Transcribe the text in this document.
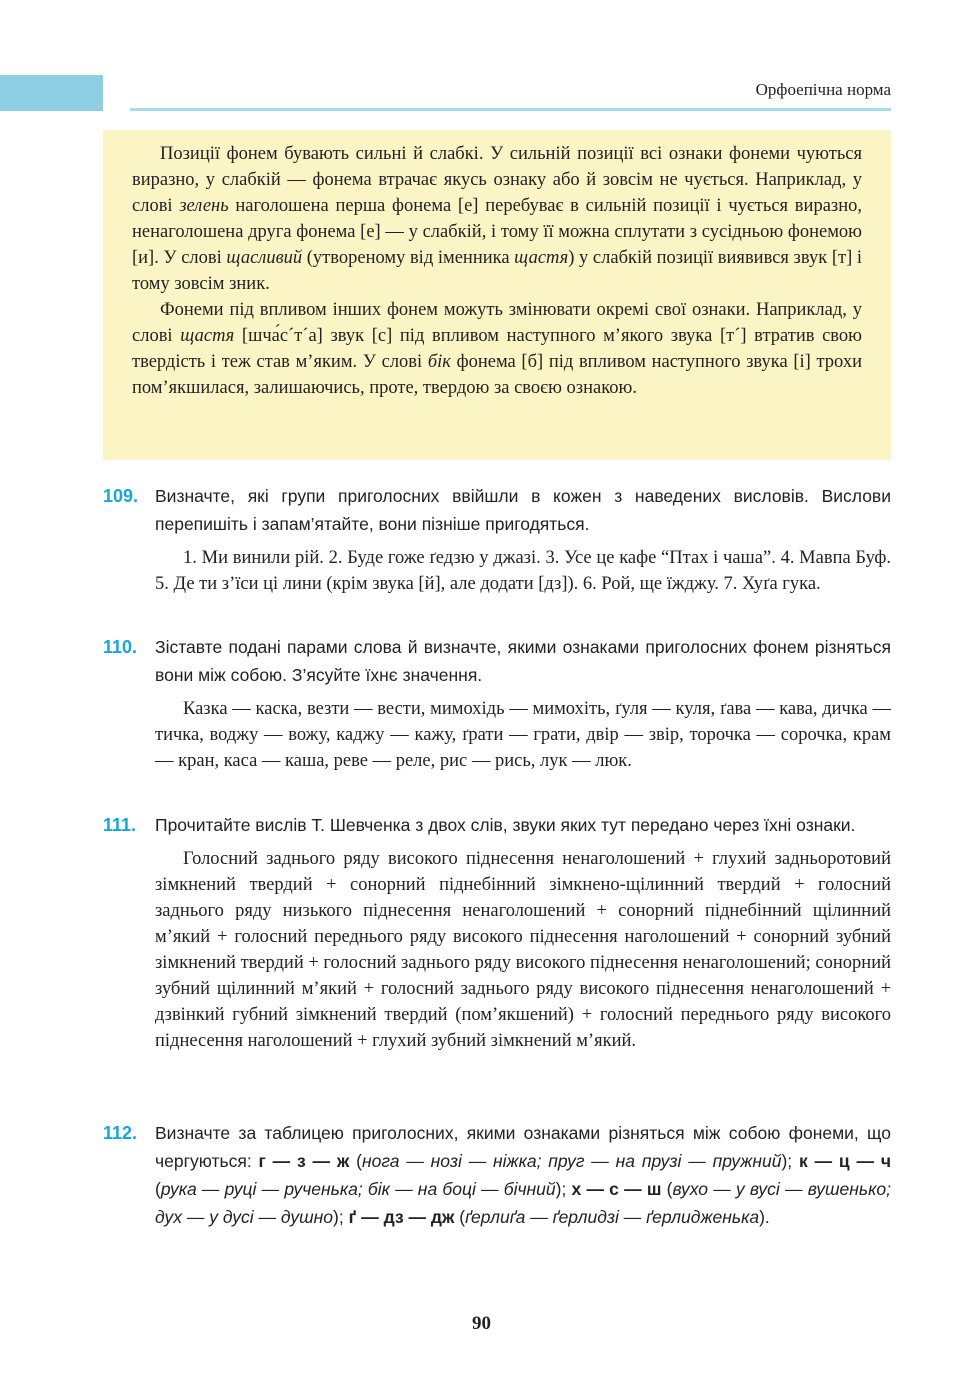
Орфоепічна норма

Позиції фонем бувають сильні й слабкі. У сильній позиції всі ознаки фонеми чуються виразно, у слабкій — фонема втрачає якусь ознаку або й зовсім не чується. Наприклад, у слові зелень наголошена перша фонема [е] перебуває в сильній позиції і чується виразно, ненаголошена друга фонема [е] — у слабкій, і тому її можна сплутати з сусідньою фонемою [и]. У слові щасливий (утвореному від іменника щастя) у слабкій позиції виявився звук [т] і тому зовсім зник.

Фонеми під впливом інших фонем можуть змінювати окремі свої ознаки. Наприклад, у слові щастя [шча́с´т´а] звук [с] під впливом наступного м’якого звука [т´] втратив свою твердість і теж став м’яким. У слові бік фонема [б] під впливом наступного звука [і] трохи пом’якшилася, залишаючись, проте, твердою за своєю ознакою.

109. Визначте, які групи приголосних ввійшли в кожен з наведених висловів. Вислови перепишіть і запам’ятайте, вони пізніше пригодяться.

1. Ми винили рій. 2. Буде гоже ґедзю у джазі. 3. Усе це кафе “Птах і чаша”. 4. Мавпа Буф. 5. Де ти з’їси ці лини (крім звука [й], але додати [дз]). 6. Рой, ще їжджу. 7. Хуґа гука.

110. Зіставте подані парами слова й визначте, якими ознаками приголосних фонем різняться вони між собою. З’ясуйте їхнє значення.

Казка — каска, везти — вести, мимохідь — мимохіть, ґуля — куля, ґава — кава, дичка — тичка, воджу — вожу, каджу — кажу, ґрати — грати, двір — звір, торочка — сорочка, крам — кран, каса — каша, реве — реле, рис — рись, лук — люк.

111. Прочитайте вислів Т. Шевченка з двох слів, звуки яких тут передано через їхні ознаки.

Голосний заднього ряду високого піднесення ненаголошений + глухий задньоротовий зімкнений твердий + сонорний піднебінний зімкнено-щілинний твердий + голосний заднього ряду низького піднесення ненаголошений + сонорний піднебінний щілинний м’який + голосний переднього ряду високого піднесення наголошений + сонорний зубний зімкнений твердий + голосний заднього ряду високого піднесення ненаголошений; сонорний зубний щілинний м’який + голосний заднього ряду високого піднесення ненаголошений + дзвінкий губний зімкнений твердий (пом’якшений) + голосний переднього ряду високого піднесення наголошений + глухий зубний зімкнений м’який.

112. Визначте за таблицею приголосних, якими ознаками різняться між собою фонеми, що чергуються: г — з — ж (нога — нозі — ніжка; пруг — на прузі — пружний); к — ц — ч (рука — руці — рученька; бік — на боці — бічний); х — с — ш (вухо — у вусі — вушенько; дух — у дусі — душно); ґ — дз — дж (ґерлиґа — ґерлидзі — ґерлидженька).
90
